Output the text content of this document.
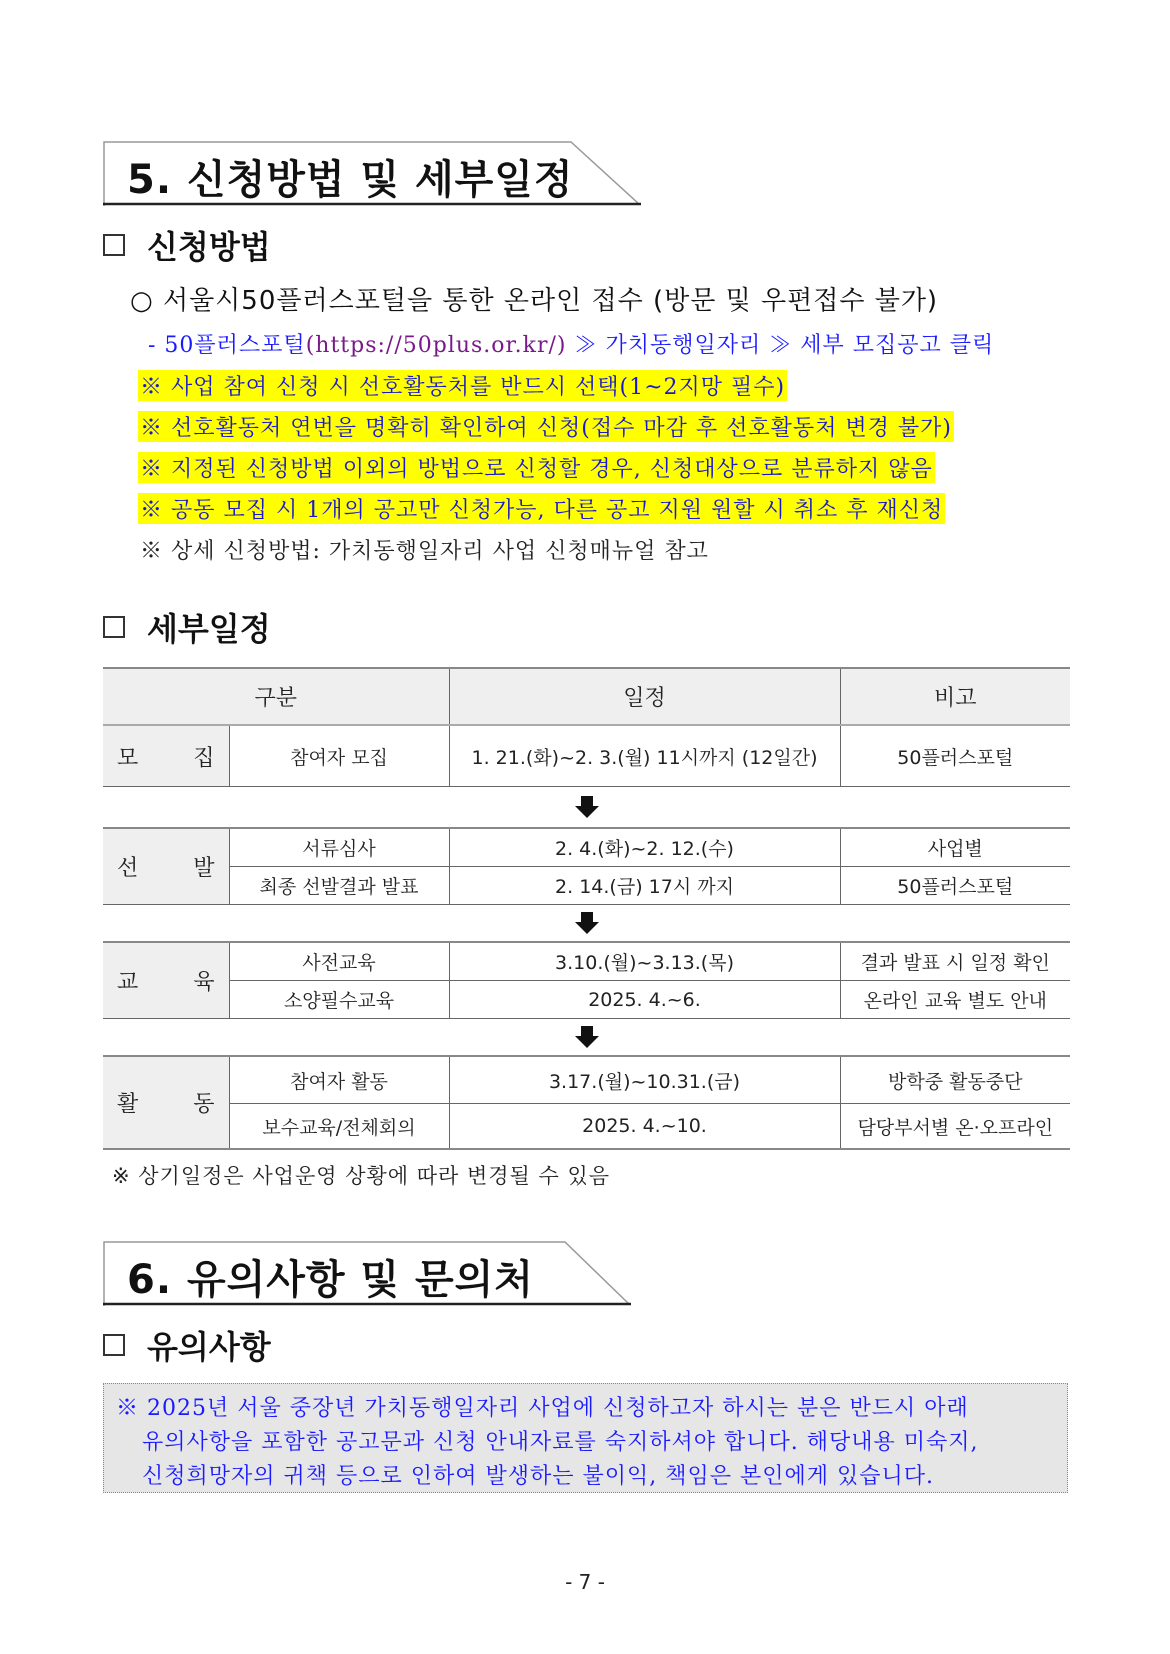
5. 신청방법 및 세부일정
신청방법
○ 서울시50플러스포털을 통한 온라인 접수 (방문 및 우편접수 불가)
- 50플러스포털(https://50plus.or.kr/) ≫ 가치동행일자리 ≫ 세부 모집공고 클릭
※ 사업 참여 신청 시 선호활동처를 반드시 선택(1~2지망 필수)
※ 선호활동처 연번을 명확히 확인하여 신청(접수 마감 후 선호활동처 변경 불가)
※ 지정된 신청방법 이외의 방법으로 신청할 경우, 신청대상으로 분류하지 않음
※ 공동 모집 시 1개의 공고만 신청가능, 다른 공고 지원 원할 시 취소 후 재신청
※ 상세 신청방법: 가치동행일자리 사업 신청매뉴얼 참고
세부일정
구분		일정	비고

모 집	참여자 모집	1. 21.(화)~2. 3.(월) 11시까지 (12일간)	50플러스포털
선 발	서류심사	2. 4.(화)~2. 12.(수)	사업별
	최종 선발결과 발표	2. 14.(금) 17시 까지	50플러스포털
교 육	사전교육	3.10.(월)~3.13.(목)	결과 발표 시 일정 확인
	소양필수교육	2025. 4.~6.	온라인 교육 별도 안내
활 동	참여자 활동	3.17.(월)~10.31.(금)	방학중 활동중단
	보수교육/전체회의	2025. 4.~10.	담당부서별 온·오프라인
※ 상기일정은 사업운영 상황에 따라 변경될 수 있음
6. 유의사항 및 문의처
유의사항
※ 2025년 서울 중장년 가치동행일자리 사업에 신청하고자 하시는 분은 반드시 아래
유의사항을 포함한 공고문과 신청 안내자료를 숙지하셔야 합니다. 해당내용 미숙지,
신청희망자의 귀책 등으로 인하여 발생하는 불이익, 책임은 본인에게 있습니다.
- 7 -
